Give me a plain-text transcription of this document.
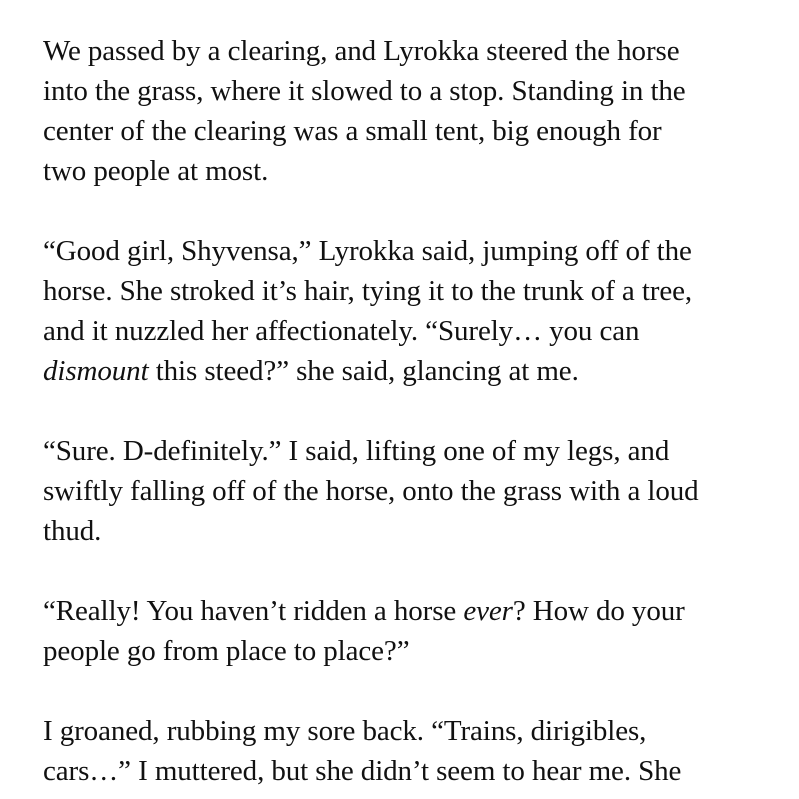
We passed by a clearing, and Lyrokka steered the horse
into the grass, where it slowed to a stop. Standing in the
center of the clearing was a small tent, big enough for
two people at most.

“Good girl, Shyvensa,” Lyrokka said, jumping off of the
horse. She stroked it’s hair, tying it to the trunk of a tree,
and it nuzzled her affectionately. “Surely… you can
dismount this steed?” she said, glancing at me.

“Sure. D-definitely.” I said, lifting one of my legs, and
swiftly falling off of the horse, onto the grass with a loud
thud.

“Really! You haven’t ridden a horse ever? How do your
people go from place to place?”

I groaned, rubbing my sore back. “Trains, dirigibles,
cars…” I muttered, but she didn’t seem to hear me. She
